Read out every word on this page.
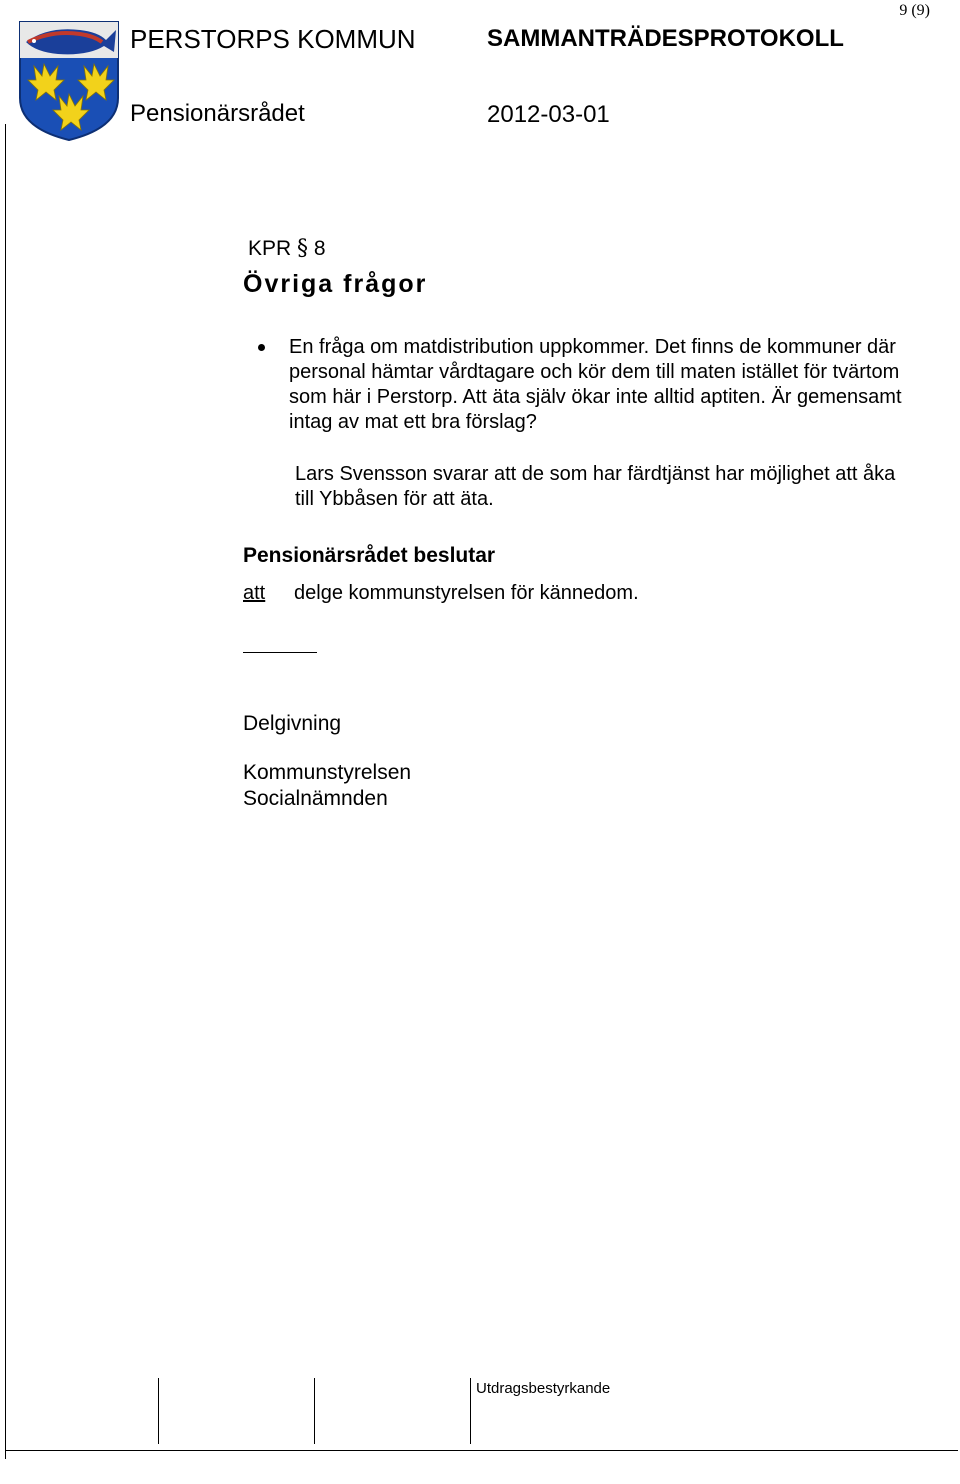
9 (9)
PERSTORPS KOMMUN	SAMMANTRÄDESPROTOKOLL
Pensionärsrådet	2012-03-01
KPR § 8
Övriga frågor
En fråga om matdistribution uppkommer. Det finns de kommuner där personal hämtar vårdtagare och kör dem till maten istället för tvärtom som här i Perstorp. Att äta själv ökar inte alltid aptiten. Är gemensamt intag av mat ett bra förslag?
Lars Svensson svarar att de som har färdtjänst har möjlighet att åka till Ybbåsen för att äta.
Pensionärsrådet beslutar
att delge kommunstyrelsen för kännedom.
Delgivning
Kommunstyrelsen
Socialnämnden
Utdragsbestyrkande
